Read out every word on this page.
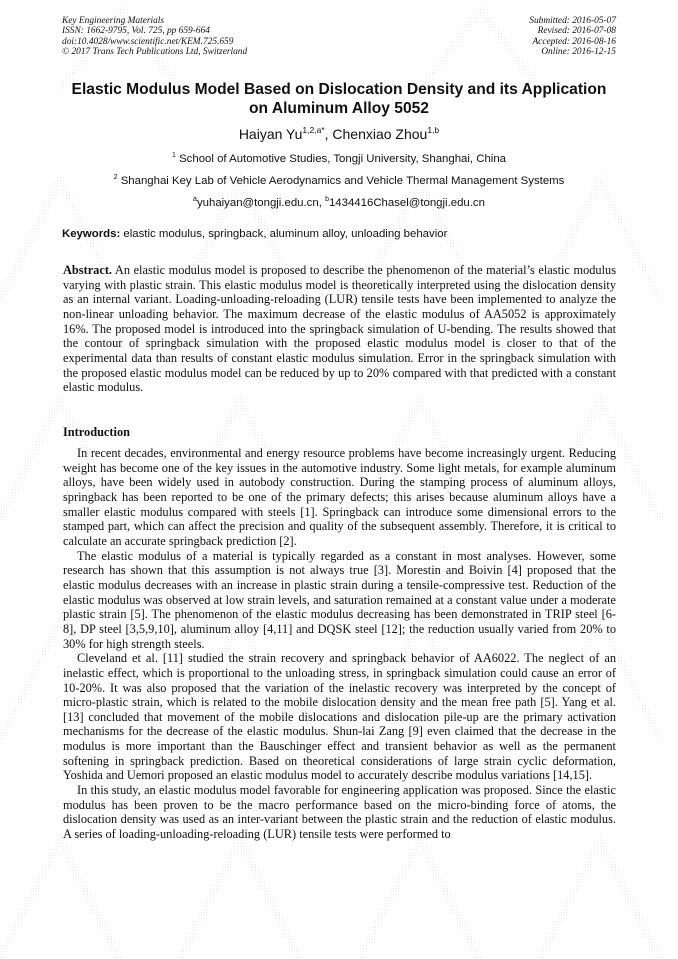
Key Engineering Materials
ISSN: 1662-9795, Vol. 725, pp 659-664
doi:10.4028/www.scientific.net/KEM.725.659
© 2017 Trans Tech Publications Ltd, Switzerland
Submitted: 2016-05-07
Revised: 2016-07-08
Accepted: 2016-08-16
Online: 2016-12-15
Elastic Modulus Model Based on Dislocation Density and its Application
on Aluminum Alloy 5052
Haiyan $Yu^{1,2,a*}$, Chenxiao Zhou$^{1,b}$
$^1$ School of Automotive Studies, Tongji University, Shanghai, China
$^2$ Shanghai Key Lab of Vehicle Aerodynamics and Vehicle Thermal Management Systems
$^a$yuhaiyan@tongji.edu.cn, $^b$1434416Chasel@tongji.edu.cn
Keywords: elastic modulus, springback, aluminum alloy, unloading behavior

Abstract. An elastic modulus model is proposed to describe the phenomenon of the material’s elastic modulus varying with plastic strain. This elastic modulus model is theoretically interpreted using the dislocation density as an internal variant. Loading-unloading-reloading (LUR) tensile tests have been implemented to analyze the non-linear unloading behavior. The maximum decrease of the elastic modulus of AA5052 is approximately 16%. The proposed model is introduced into the springback simulation of U-bending. The results showed that the contour of springback simulation with the proposed elastic modulus model is closer to that of the experimental data than results of constant elastic modulus simulation. Error in the springback simulation with the proposed elastic modulus model can be reduced by up to 20% compared with that predicted with a constant elastic modulus.

Introduction

In recent decades, environmental and energy resource problems have become increasingly urgent. Reducing weight has become one of the key issues in the automotive industry. Some light metals, for example aluminum alloys, have been widely used in autobody construction. During the stamping process of aluminum alloys, springback has been reported to be one of the primary defects; this arises because aluminum alloys have a smaller elastic modulus compared with steels [1]. Springback can introduce some dimensional errors to the stamped part, which can affect the precision and quality of the subsequent assembly. Therefore, it is critical to calculate an accurate springback prediction [2].

The elastic modulus of a material is typically regarded as a constant in most analyses. However, some research has shown that this assumption is not always true [3]. Morestin and Boivin [4] proposed that the elastic modulus decreases with an increase in plastic strain during a tensile-compressive test. Reduction of the elastic modulus was observed at low strain levels, and saturation remained at a constant value under a moderate plastic strain [5]. The phenomenon of the elastic modulus decreasing has been demonstrated in TRIP steel [6-8], DP steel [3,5,9,10], aluminum alloy [4,11] and DQSK steel [12]; the reduction usually varied from 20% to 30% for high strength steels.

Cleveland et al. [11] studied the strain recovery and springback behavior of AA6022. The neglect of an inelastic effect, which is proportional to the unloading stress, in springback simulation could cause an error of 10-20%. It was also proposed that the variation of the inelastic recovery was interpreted by the concept of micro-plastic strain, which is related to the mobile dislocation density and the mean free path [5]. Yang et al. [13] concluded that movement of the mobile dislocations and dislocation pile-up are the primary activation mechanisms for the decrease of the elastic modulus. Shun-lai Zang [9] even claimed that the decrease in the modulus is more important than the Bauschinger effect and transient behavior as well as the permanent softening in springback prediction. Based on theoretical considerations of large strain cyclic deformation, Yoshida and Uemori proposed an elastic modulus model to accurately describe modulus variations [14,15].

In this study, an elastic modulus model favorable for engineering application was proposed. Since the elastic modulus has been proven to be the macro performance based on the micro-binding force of atoms, the dislocation density was used as an inter-variant between the plastic strain and the reduction of elastic modulus. A series of loading-unloading-reloading (LUR) tensile tests were performed to
